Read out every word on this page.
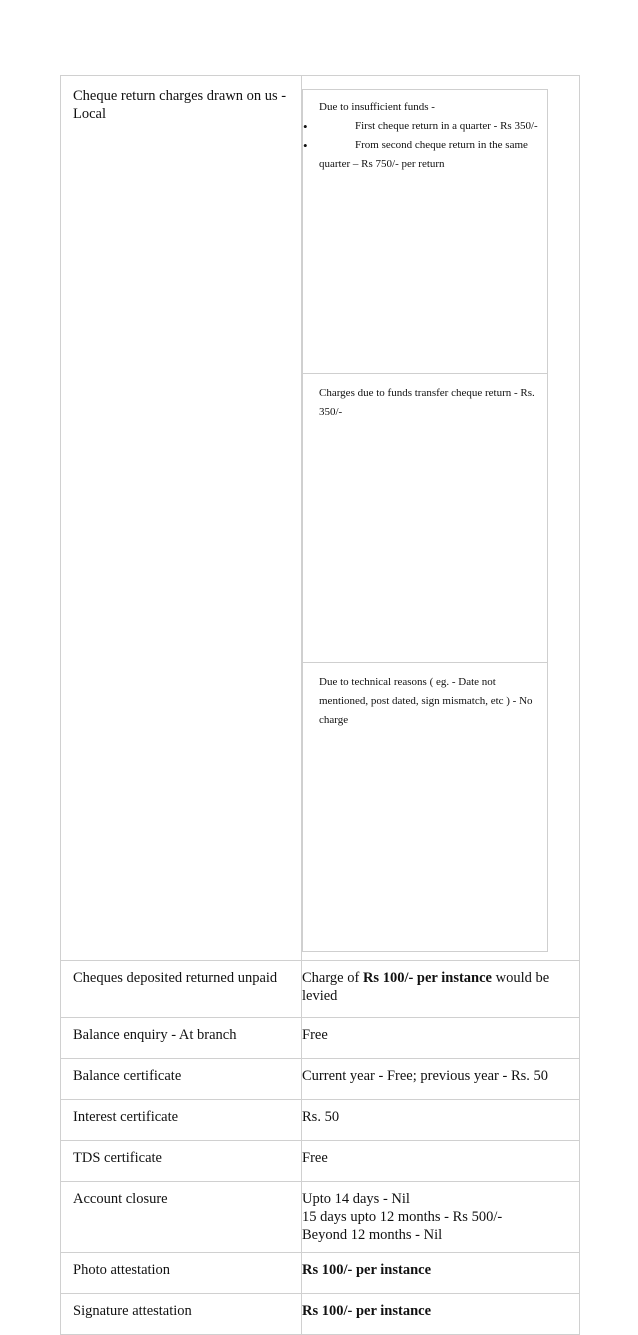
Cheque return charges drawn on us - Local		Due to insufficient funds -
•	First cheque return in a quarter - Rs 350/-
•	From second cheque return in the same quarter – Rs 750/- per return

Charges due to funds transfer cheque return - Rs. 350/-
Due to technical reasons ( eg. - Date not mentioned, post dated, sign mismatch, etc ) - No charge

Cheques deposited returned unpaid	Charge of Rs 100/- per instance would be levied
Balance enquiry - At branch	Free
Balance certificate	Current year - Free; previous year - Rs. 50
Interest certificate	Rs. 50
TDS certificate	Free
Account closure	Upto 14 days - Nil
15 days upto 12 months - Rs 500/-
Beyond 12 months - Nil

Photo attestation	Rs 100/- per instance
Signature attestation	Rs 100/- per instance
